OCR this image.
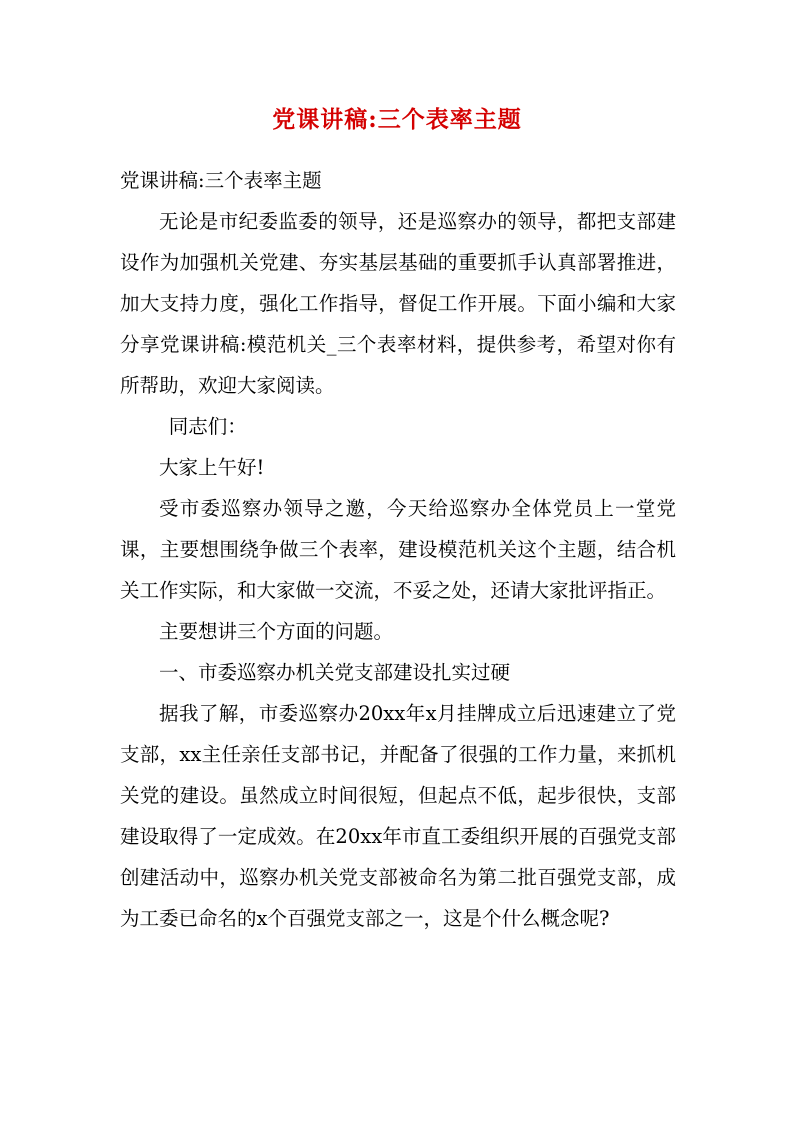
党课讲稿:三个表率主题

党课讲稿:三个表率主题

无论是市纪委监委的领导，还是巡察办的领导，都把支部建设作为加强机关党建、夯实基层基础的重要抓手认真部署推进，加大支持力度，强化工作指导，督促工作开展。下面小编和大家分享党课讲稿:模范机关_三个表率材料，提供参考，希望对你有所帮助，欢迎大家阅读。

同志们：

大家上午好!

受市委巡察办领导之邀，今天给巡察办全体党员上一堂党课，主要想围绕争做三个表率，建设模范机关这个主题，结合机关工作实际，和大家做一交流，不妥之处，还请大家批评指正。

主要想讲三个方面的问题。

一、市委巡察办机关党支部建设扎实过硬

据我了解，市委巡察办20xx年x月挂牌成立后迅速建立了党支部，xx主任亲任支部书记，并配备了很强的工作力量，来抓机关党的建设。虽然成立时间很短，但起点不低，起步很快，支部建设取得了一定成效。在20xx年市直工委组织开展的百强党支部创建活动中，巡察办机关党支部被命名为第二批百强党支部，成为工委已命名的x个百强党支部之一，这是个什么概念呢?
